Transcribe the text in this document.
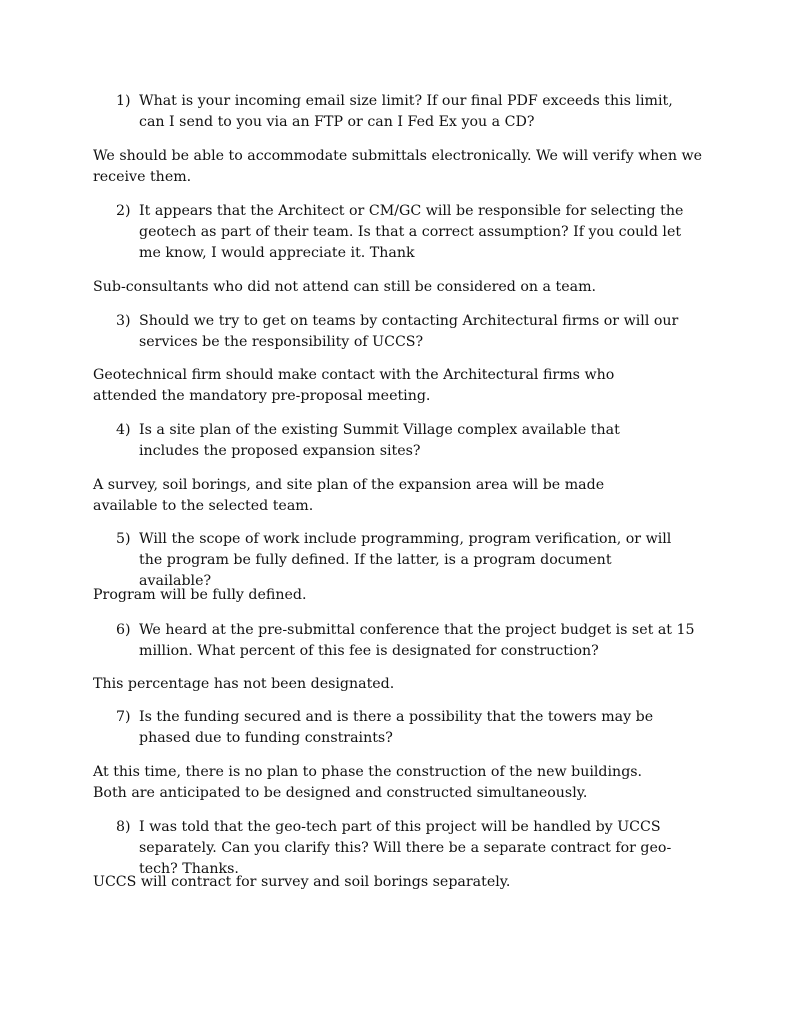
1) What is your incoming email size limit? If our final PDF exceeds this limit, can I send to you via an FTP or can I Fed Ex you a CD?
We should be able to accommodate submittals electronically. We will verify when we receive them.
2) It appears that the Architect or CM/GC will be responsible for selecting the geotech as part of their team. Is that a correct assumption? If you could let me know, I would appreciate it. Thank
Sub-consultants who did not attend can still be considered on a team.
3) Should we try to get on teams by contacting Architectural firms or will our services be the responsibility of UCCS?
Geotechnical firm should make contact with the Architectural firms who attended the mandatory pre-proposal meeting.
4) Is a site plan of the existing Summit Village complex available that includes the proposed expansion sites?
A survey, soil borings, and site plan of the expansion area will be made available to the selected team.
5) Will the scope of work include programming, program verification, or will the program be fully defined. If the latter, is a program document available?
Program will be fully defined.
6) We heard at the pre-submittal conference that the project budget is set at 15 million. What percent of this fee is designated for construction?
This percentage has not been designated.
7) Is the funding secured and is there a possibility that the towers may be phased due to funding constraints?
At this time, there is no plan to phase the construction of the new buildings. Both are anticipated to be designed and constructed simultaneously.
8) I was told that the geo-tech part of this project will be handled by UCCS separately. Can you clarify this? Will there be a separate contract for geo-tech? Thanks.
UCCS will contract for survey and soil borings separately.
